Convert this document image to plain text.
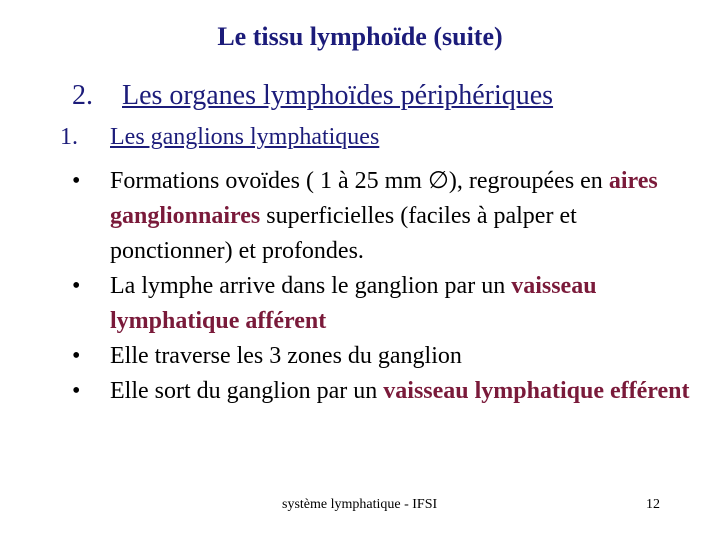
Le tissu lymphoïde (suite)
2. Les organes lymphoïdes périphériques
1. Les ganglions lymphatiques
• Formations ovoïdes ( 1 à 25 mm ∅), regroupées en aires ganglionnaires superficielles (faciles à palper et ponctionner) et profondes.
• La lymphe arrive dans le ganglion par un vaisseau lymphatique afférent
• Elle traverse les 3 zones du ganglion
• Elle sort du ganglion par un vaisseau lymphatique efférent
système lymphatique - IFSI	12
